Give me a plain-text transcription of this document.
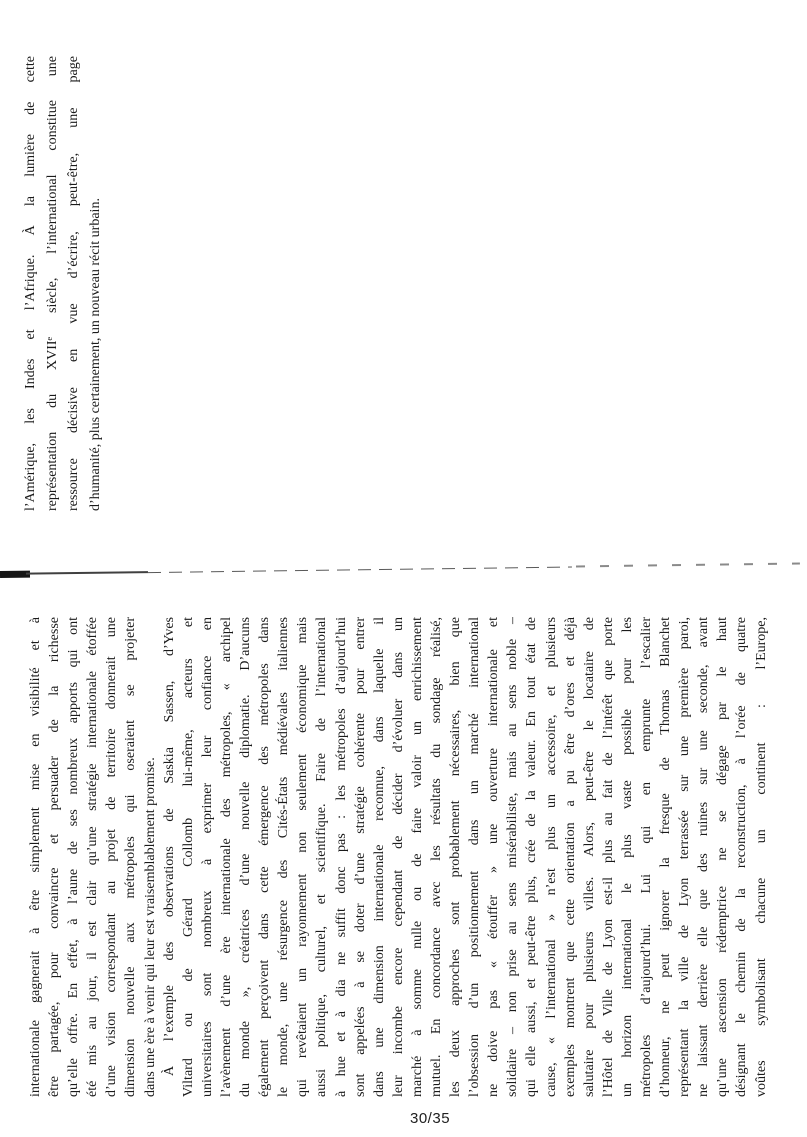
internationale gagnerait à être simplement mise en visibilité et à être partagée, pour convaincre et persuader de la richesse qu’elle offre. En effet, à l’aune de ses nombreux apports qui ont été mis au jour, il est clair qu’une stratégie internationale étoffée d’une vision correspondant au projet de territoire donnerait une dimension nouvelle aux métropoles qui oseraient se projeter dans une ère à venir qui leur est vraisemblablement promise. À l’exemple des observations de Saskia Sassen, d’Yves Viltard ou de Gérard Collomb lui-même, acteurs et universitaires sont nombreux à exprimer leur confiance en l’avènement d’une ère internationale des métropoles, « archipel du monde », créatrices d’une nouvelle diplomatie. D’aucuns également perçoivent dans cette émergence des métropoles dans le monde, une résurgence des Cités-États médiévales italiennes qui revêtaient un rayonnement non seulement économique mais aussi politique, culturel, et scientifique. Faire de l’international à hue et à dia ne suffit donc pas : les métropoles d’aujourd’hui sont appelées à se doter d’une stratégie cohérente pour entrer dans une dimension internationale reconnue, dans laquelle il leur incombe encore cependant de décider d’évoluer dans un marché à somme nulle ou de faire valoir un enrichissement mutuel. En concordance avec les résultats du sondage réalisé, les deux approches sont probablement nécessaires, bien que l’obsession d’un positionnement dans un marché international ne doive pas « étouffer » une ouverture internationale et solidaire – non prise au sens misérabiliste, mais au sens noble – qui elle aussi, et peut-être plus, crée de la valeur. En tout état de cause, « l’international » n’est plus un accessoire, et plusieurs exemples montrent que cette orientation a pu être d’ores et déjà salutaire pour plusieurs villes. Alors, peut-être le locataire de l’Hôtel de Ville de Lyon est-il plus au fait de l’intérêt que porte un horizon international le plus vaste possible pour les métropoles d’aujourd’hui. Lui qui en emprunte l’escalier d’honneur, ne peut ignorer la fresque de Thomas Blanchet représentant la ville de Lyon terrassée sur une première paroi, ne laissant derrière elle que des ruines sur une seconde, avant qu’une ascension rédemptrice ne se dégage par le haut désignant le chemin de la reconstruction, à l’orée de quatre voûtes symbolisant chacune un continent : l’Europe,
l’Amérique, les Indes et l’Afrique. À la lumière de cette représentation du XVIIᵉ siècle, l’international constitue une ressource décisive en vue d’écrire, peut-être, une page d’humanité, plus certainement, un nouveau récit urbain.
30/35
